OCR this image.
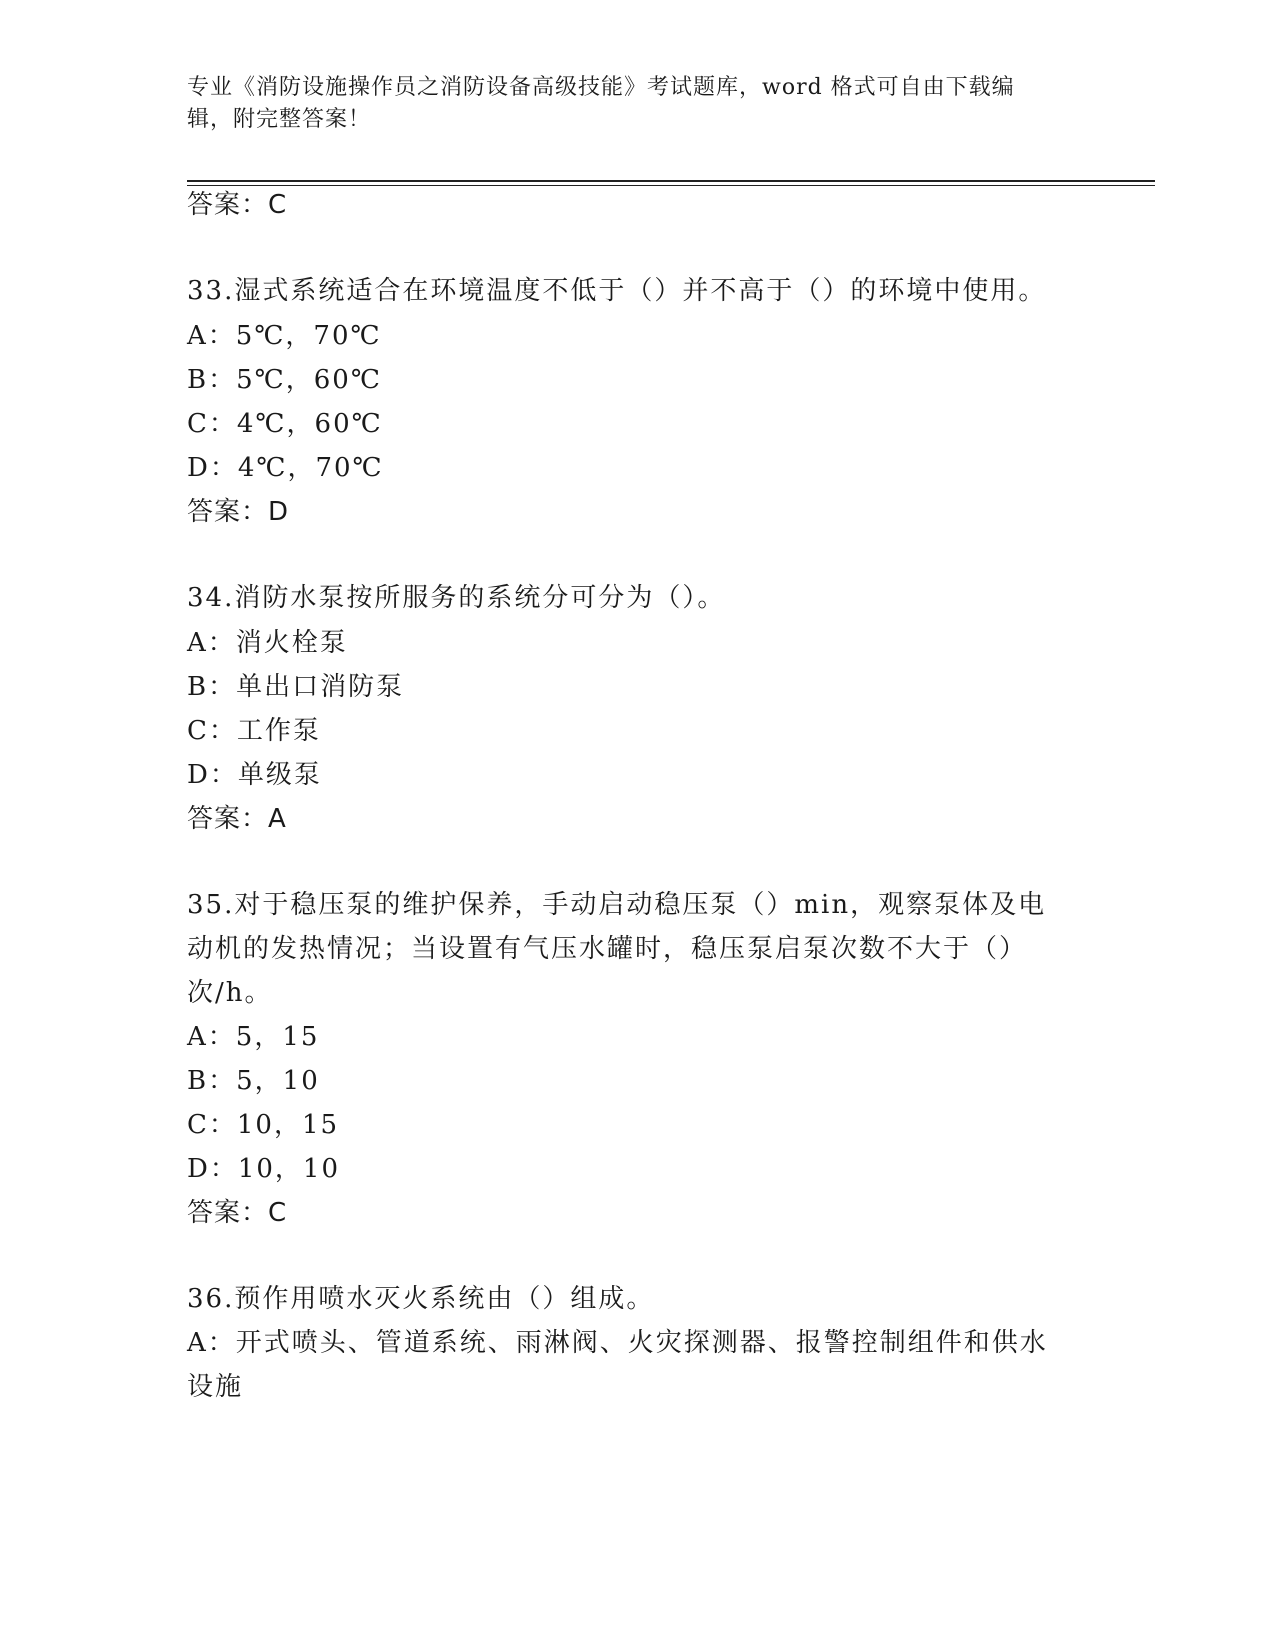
专业《消防设施操作员之消防设备高级技能》考试题库，word 格式可自由下载编
辑，附完整答案！
答案：C
33.湿式系统适合在环境温度不低于（）并不高于（）的环境中使用。
A：5℃，70℃
B：5℃，60℃
C：4℃，60℃
D：4℃，70℃
答案：D
34.消防水泵按所服务的系统分可分为（）。
A：消火栓泵
B：单出口消防泵
C：工作泵
D：单级泵
答案：A
35.对于稳压泵的维护保养，手动启动稳压泵（）min，观察泵体及电
动机的发热情况；当设置有气压水罐时，稳压泵启泵次数不大于（）
次/h。
A：5，15
B：5，10
C：10，15
D：10，10
答案：C
36.预作用喷水灭火系统由（）组成。
A：开式喷头、管道系统、雨淋阀、火灾探测器、报警控制组件和供水
设施
